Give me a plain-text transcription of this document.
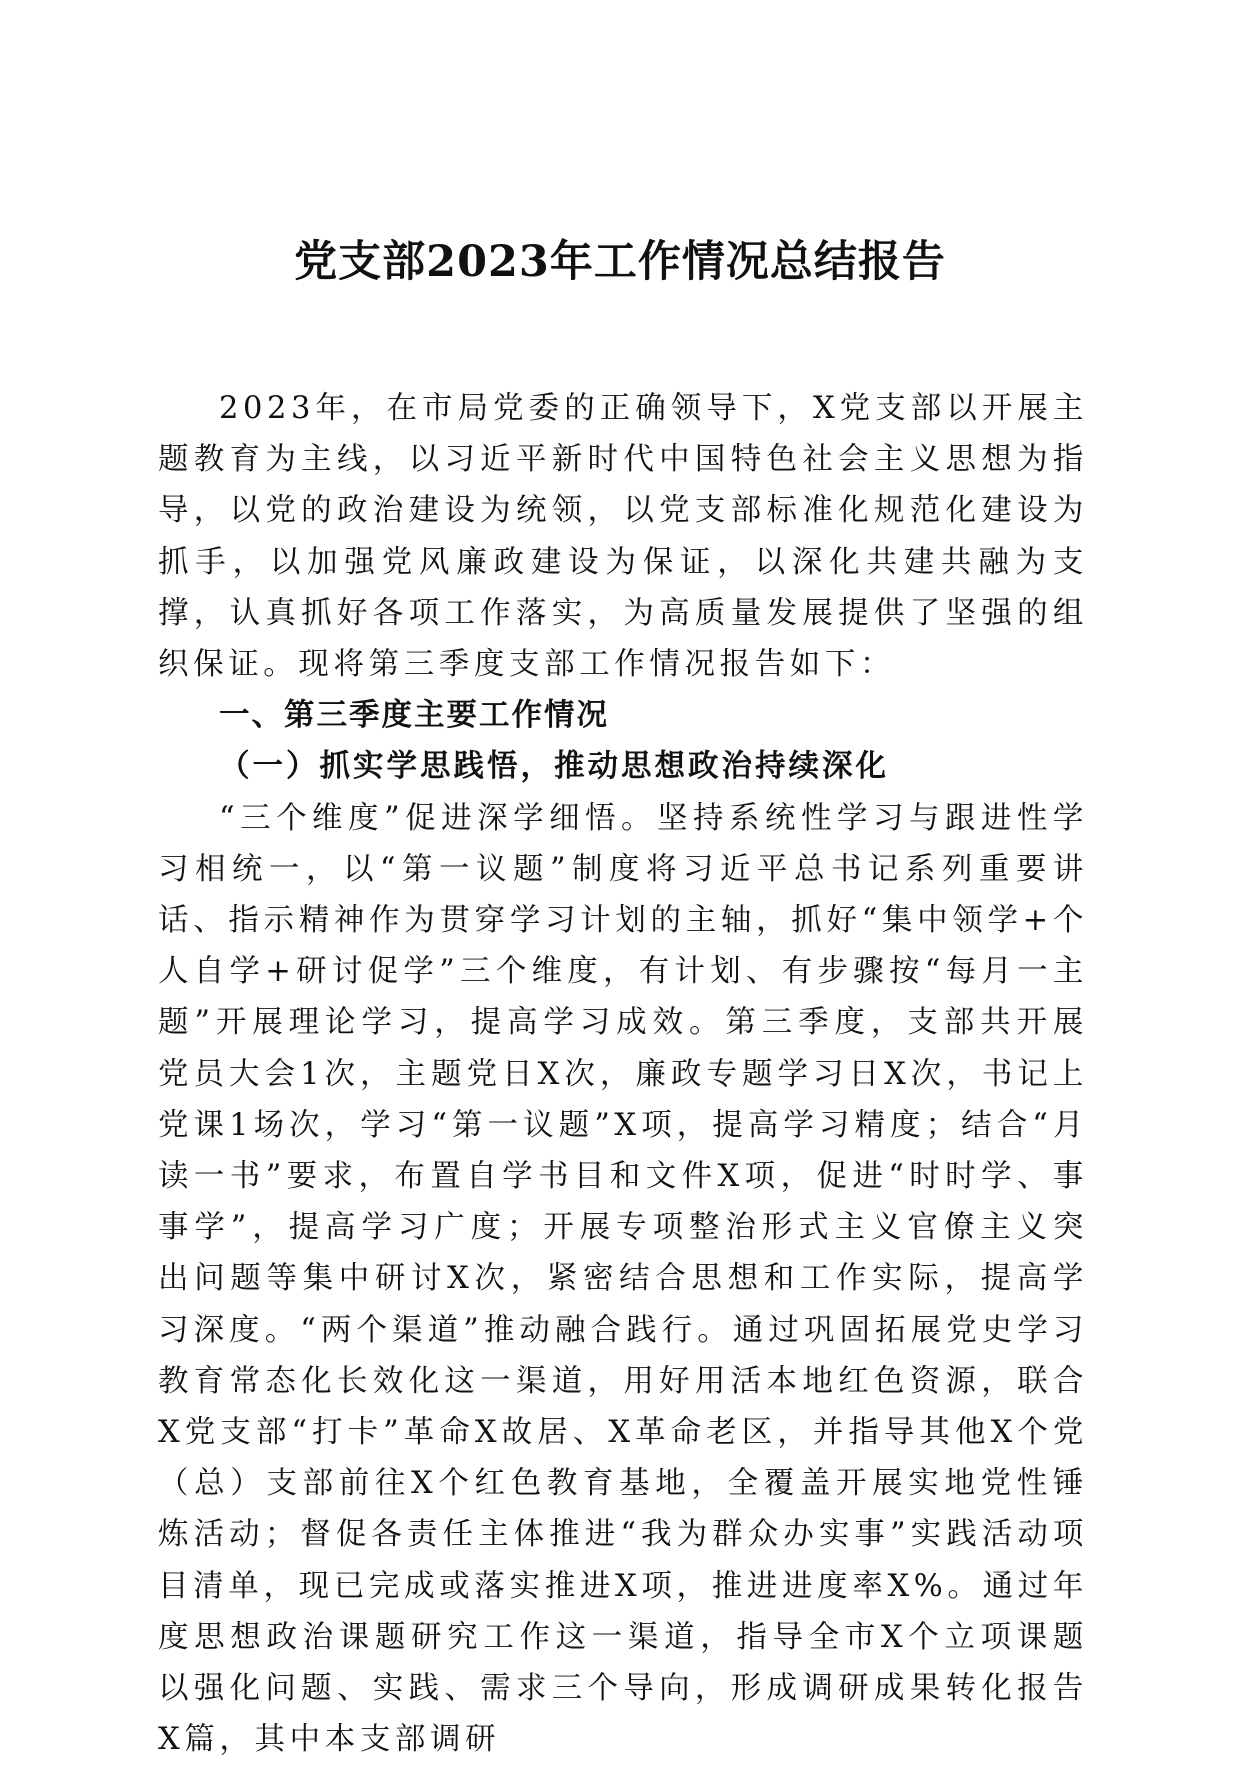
党支部2023年工作情况总结报告

2023年，在市局党委的正确领导下，X党支部以开展主题教育为主线，以习近平新时代中国特色社会主义思想为指导，以党的政治建设为统领，以党支部标准化规范化建设为抓手，以加强党风廉政建设为保证，以深化共建共融为支撑，认真抓好各项工作落实，为高质量发展提供了坚强的组织保证。现将第三季度支部工作情况报告如下：

一、第三季度主要工作情况

（一）抓实学思践悟，推动思想政治持续深化

“三个维度”促进深学细悟。坚持系统性学习与跟进性学习相统一，以“第一议题”制度将习近平总书记系列重要讲话、指示精神作为贯穿学习计划的主轴，抓好“集中领学+个人自学+研讨促学”三个维度，有计划、有步骤按“每月一主题”开展理论学习，提高学习成效。第三季度，支部共开展党员大会1次，主题党日X次，廉政专题学习日X次，书记上党课1场次，学习“第一议题”X项，提高学习精度；结合“月读一书”要求，布置自学书目和文件X项，促进“时时学、事事学”，提高学习广度；开展专项整治形式主义官僚主义突出问题等集中研讨X次，紧密结合思想和工作实际，提高学习深度。“两个渠道”推动融合践行。通过巩固拓展党史学习教育常态化长效化这一渠道，用好用活本地红色资源，联合X党支部“打卡”革命X故居、X革命老区，并指导其他X个党（总）支部前往X个红色教育基地，全覆盖开展实地党性锤炼活动；督促各责任主体推进“我为群众办实事”实践活动项目清单，现已完成或落实推进X项，推进进度率X%。通过年度思想政治课题研究工作这一渠道，指导全市X个立项课题以强化问题、实践、需求三个导向，形成调研成果转化报告X篇，其中本支部调研
